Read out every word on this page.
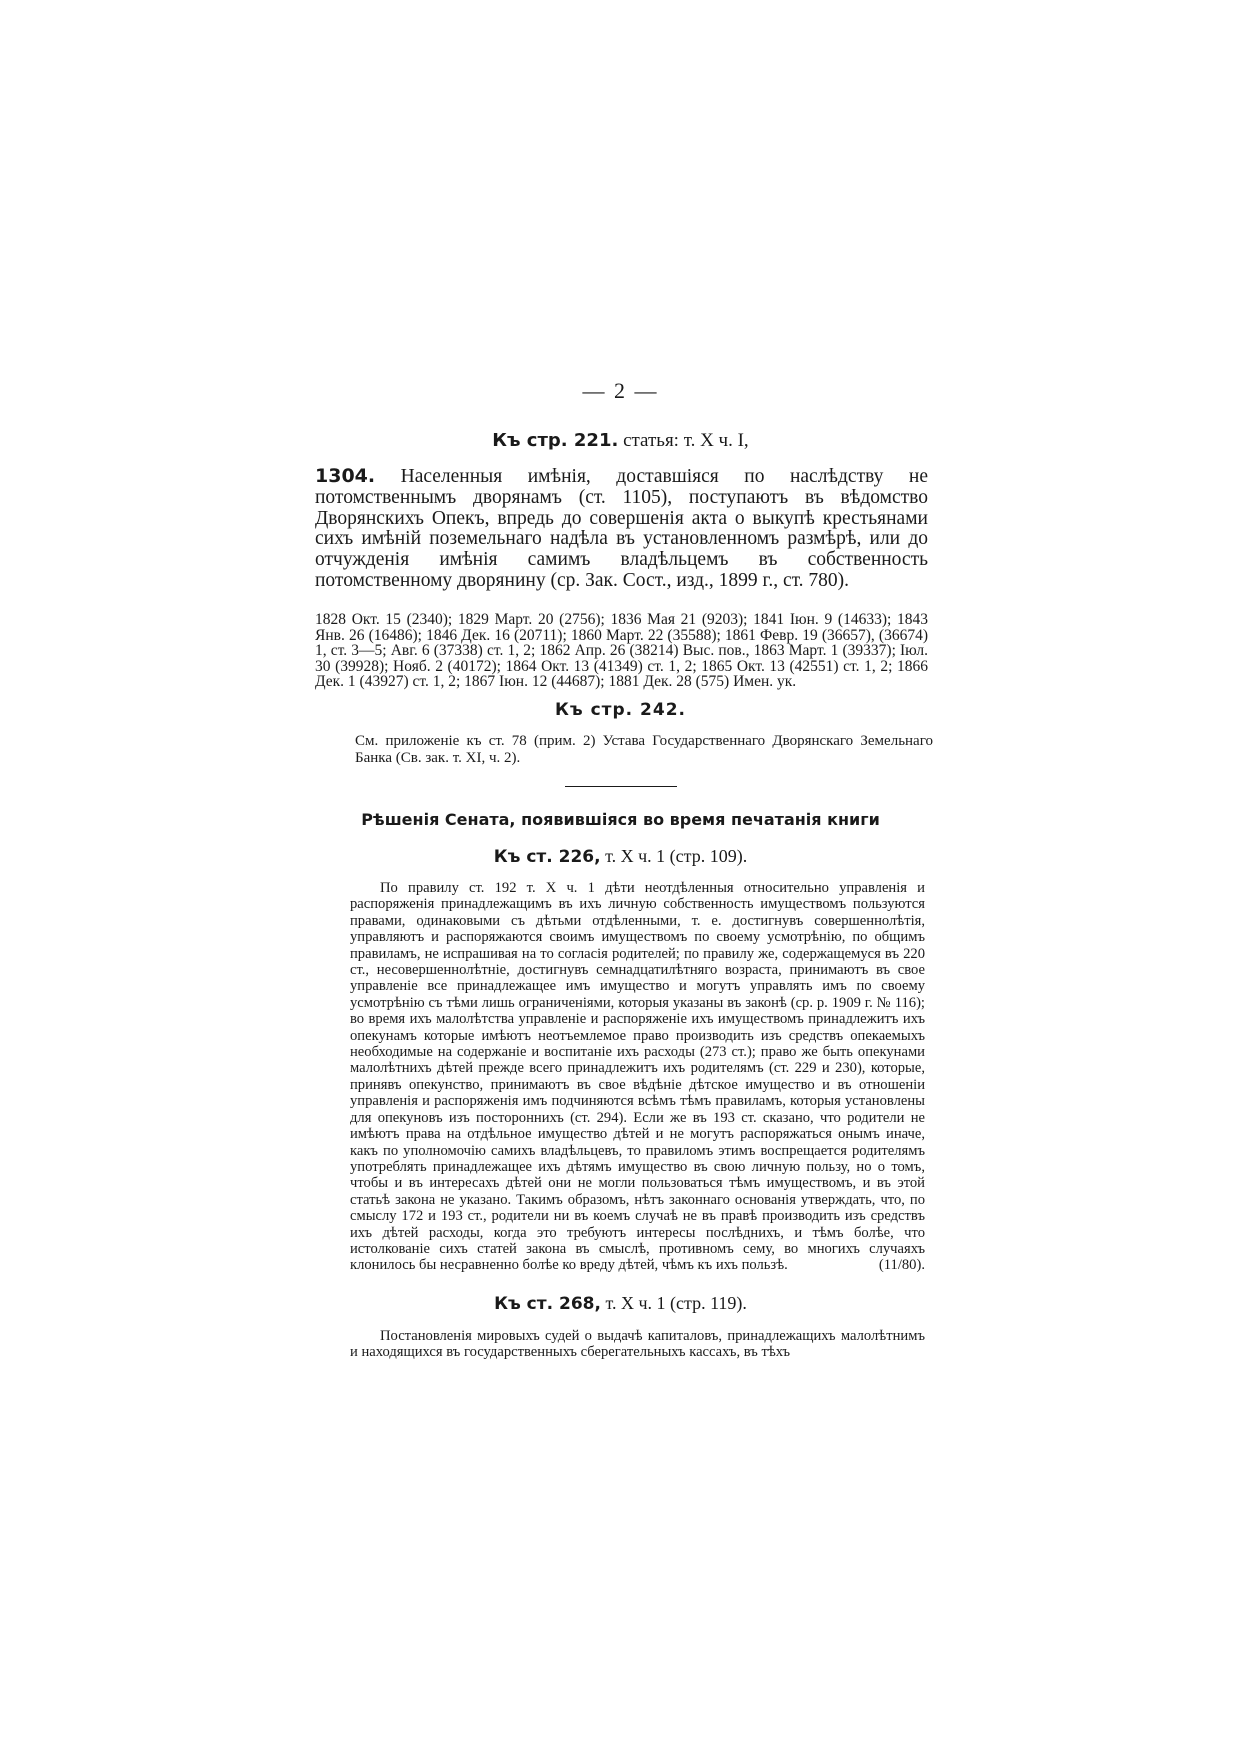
— 2 —
Къ стр. 221. статья: т. X ч. I,
1304. Населенныя имѣнія, доставшіяся по наслѣдству не потомственнымъ дворянамъ (ст. 1105), поступаютъ въ вѣдомство Дворянскихъ Опекъ, впредь до совершенія акта о выкупѣ крестьянами сихъ имѣній поземельнаго надѣла въ установленномъ размѣрѣ, или до отчужденія имѣнія самимъ владѣльцемъ въ собственность потомственному дворянину (ср. Зак. Сост., изд., 1899 г., ст. 780).
1828 Окт. 15 (2340); 1829 Март. 20 (2756); 1836 Мая 21 (9203); 1841 Іюн. 9 (14633); 1843 Янв. 26 (16486); 1846 Дек. 16 (20711); 1860 Март. 22 (35588); 1861 Февр. 19 (36657), (36674) 1, ст. 3—5; Авг. 6 (37338) ст. 1, 2; 1862 Апр. 26 (38214) Выс. пов., 1863 Март. 1 (39337); Іюл. 30 (39928); Нояб. 2 (40172); 1864 Окт. 13 (41349) ст. 1, 2; 1865 Окт. 13 (42551) ст. 1, 2; 1866 Дек. 1 (43927) ст. 1, 2; 1867 Іюн. 12 (44687); 1881 Дек. 28 (575) Имен. ук.
Къ стр. 242.
См. приложеніе къ ст. 78 (прим. 2) Устава Государственнаго Дворянскаго Земельнаго Банка (Св. зак. т. XI, ч. 2).
Рѣшенія Сената, появившіяся во время печатанія книги
Къ ст. 226, т. X ч. 1 (стр. 109).

По правилу ст. 192 т. X ч. 1 дѣти неотдѣленныя относительно управленія и распоряженія принадлежащимъ въ ихъ личную собственность имуществомъ пользуются правами, одинаковыми съ дѣтьми отдѣленными, т. е. достигнувъ совершеннолѣтія, управляютъ и распоряжаются своимъ имуществомъ по своему усмотрѣнію, по общимъ правиламъ, не испрашивая на то согласія родителей; по правилу же, содержащемуся въ 220 ст., несовершеннолѣтніе, достигнувъ семнадцатилѣтняго возраста, принимаютъ въ свое управленіе все принадлежащее имъ имущество и могутъ управлять имъ по своему усмотрѣнію съ тѣми лишь ограниченіями, которыя указаны въ законѣ (ср. р. 1909 г. № 116); во время ихъ малолѣтства управленіе и распоряженіе ихъ имуществомъ принадлежитъ ихъ опекунамъ которые имѣютъ неотъемлемое право производить изъ средствъ опекаемыхъ необходимые на содержаніе и воспитаніе ихъ расходы (273 ст.); право же быть опекунами малолѣтнихъ дѣтей прежде всего принадлежитъ ихъ родителямъ (ст. 229 и 230), которые, принявъ опекунство, принимаютъ въ свое вѣдѣніе дѣтское имущество и въ отношеніи управленія и распоряженія имъ подчиняются всѣмъ тѣмъ правиламъ, которыя установлены для опекуновъ изъ постороннихъ (ст. 294). Если же въ 193 ст. сказано, что родители не имѣютъ права на отдѣльное имущество дѣтей и не могутъ распоряжаться онымъ иначе, какъ по уполномочію самихъ владѣльцевъ, то правиломъ этимъ воспрещается родителямъ употреблять принадлежащее ихъ дѣтямъ имущество въ свою личную пользу, но о томъ, чтобы и въ интересахъ дѣтей они не могли пользоваться тѣмъ имуществомъ, и въ этой статьѣ закона не указано. Такимъ образомъ, нѣтъ законнаго основанія утверждать, что, по смыслу 172 и 193 ст., родители ни въ коемъ случаѣ не въ правѣ производить изъ средствъ ихъ дѣтей расходы, когда это требуютъ интересы послѣднихъ, и тѣмъ болѣе, что истолкованіе сихъ статей закона въ смыслѣ, противномъ сему, во многихъ случаяхъ клонилось бы несравненно болѣе ко вреду дѣтей, чѣмъ къ ихъ пользѣ.	(11/80).

Къ ст. 268, т. X ч. 1 (стр. 119).

Постановленія мировыхъ судей о выдачѣ капиталовъ, принадлежащихъ малолѣтнимъ и находящихся въ государственныхъ сберегательныхъ кассахъ, въ тѣхъ
